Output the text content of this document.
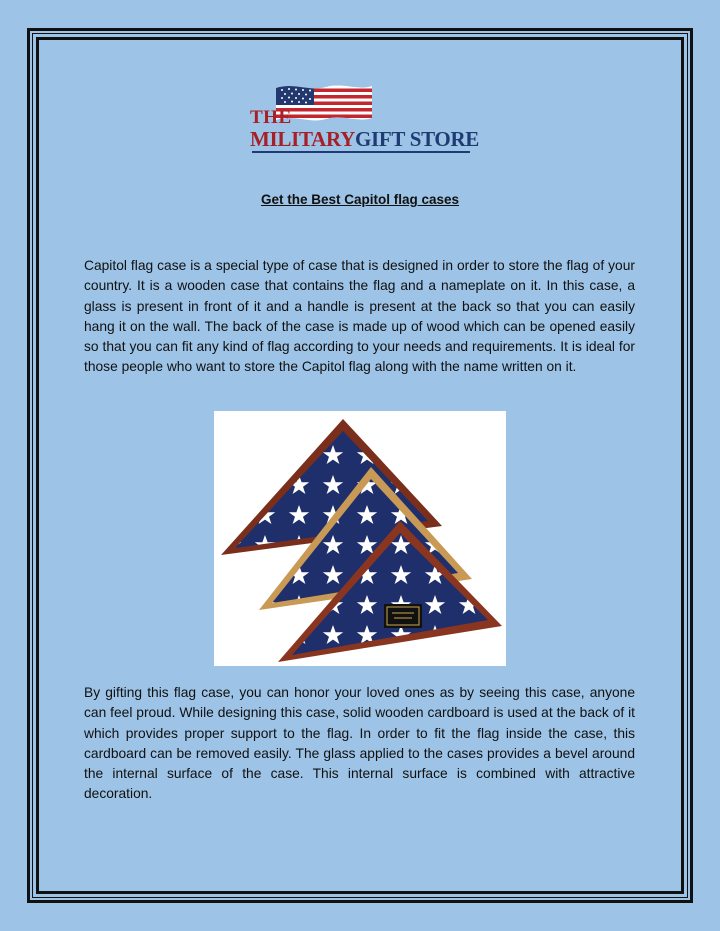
THE
MILITARYGIFT STORE
Get the Best Capitol flag cases
Capitol flag case is a special type of case that is designed in order to store the flag of your country. It is a wooden case that contains the flag and a nameplate on it. In this case, a glass is present in front of it and a handle is present at the back so that you can easily hang it on the wall. The back of the case is made up of wood which can be opened easily so that you can fit any kind of flag according to your needs and requirements. It is ideal for those people who want to store the Capitol flag along with the name written on it.
By gifting this flag case, you can honor your loved ones as by seeing this case, anyone can feel proud. While designing this case, solid wooden cardboard is used at the back of it which provides proper support to the flag. In order to fit the flag inside the case, this cardboard can be removed easily. The glass applied to the cases provides a bevel around the internal surface of the case. This internal surface is combined with attractive decoration.
